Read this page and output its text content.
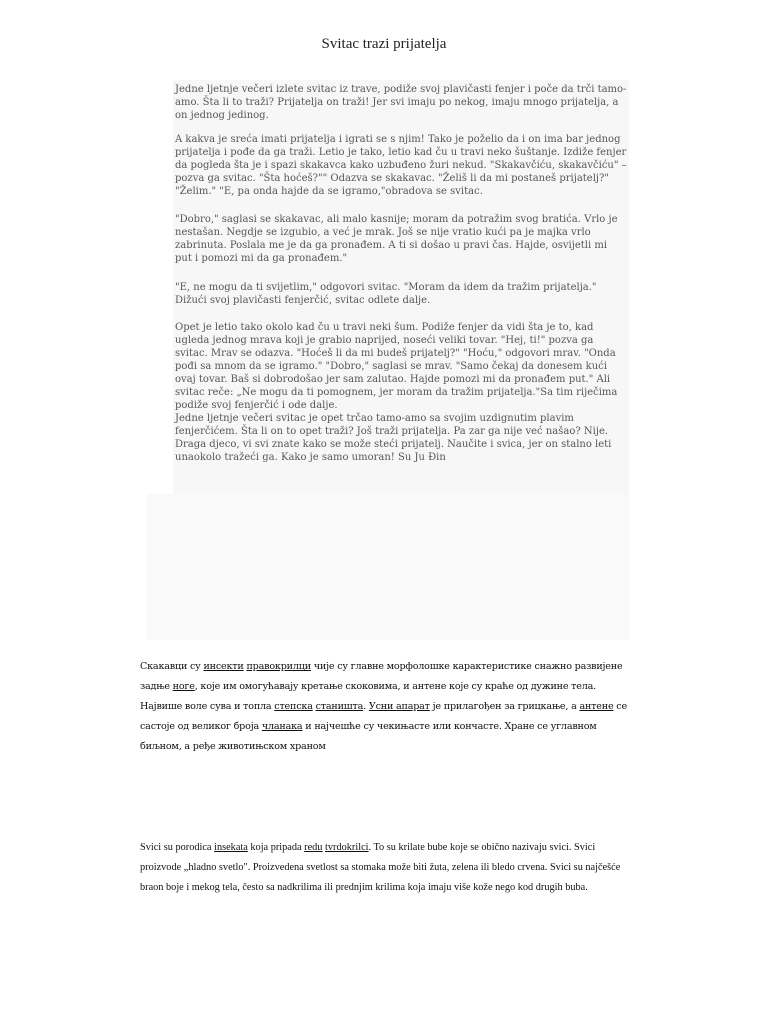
Svitac trazi prijatelja

Jedne ljetnje večeri izlete svitac iz trave, podiže svoj plavičasti fenjer i poče da trči tamo-amo. Šta li to traži? Prijatelja on traži! Jer svi imaju po nekog, imaju mnogo prijatelja, a on jednog jedinog.

A kakva je sreća imati prijatelja i igrati se s njim! Tako je poželio da i on ima bar jednog prijatelja i pođe da ga traži. Letio je tako, letio kad ču u travi neko šuštanje. Izdiže fenjer da pogleda šta je i spazi skakavca kako uzbuđeno žuri nekud. "Skakavčiću, skakavčiću" – pozva ga svitac. "Šta hoćeš?"" Odazva se skakavac. "Želiš li da mi postaneš prijatelj?" "Želim." "E, pa onda hajde da se igramo,"obradova se svitac.

"Dobro," saglasi se skakavac, ali malo kasnije; moram da potražim svog bratića. Vrlo je nestašan. Negdje se izgubio, a već je mrak. Još se nije vratio kući pa je majka vrlo zabrinuta. Poslala me je da ga pronađem. A ti si došao u pravi čas. Hajde, osvijetli mi put i pomozi mi da ga pronađem."

"E, ne mogu da ti svijetlim," odgovori svitac. "Moram da idem da tražim prijatelja." Dižući svoj plavičasti fenjerčić, svitac odlete dalje.

Opet je letio tako okolo kad ču u travi neki šum. Podiže fenjer da vidi šta je to, kad ugleda jednog mrava koji je grabio naprijed, noseći veliki tovar. "Hej, ti!" pozva ga svitac. Mrav se odazva. "Hoćeš li da mi budeš prijatelj?" "Hoću," odgovori mrav. "Onda pođi sa mnom da se igramo." "Dobro," saglasi se mrav. "Samo čekaj da donesem kući ovaj tovar. Baš si dobrodošao jer sam zalutao. Hajde pomozi mi da pronađem put." Ali svitac reče: „Ne mogu da ti pomognem, jer moram da tražim prijatelja."Sa tim riječima podiže svoj fenjerčić i ode dalje.

Jedne ljetnje večeri svitac je opet trčao tamo-amo sa svojim uzdignutim plavim fenjerčićem. Šta li on to opet traži? Još traži prijatelja. Pa zar ga nije već našao? Nije. Draga djeco, vi svi znate kako se može steći prijatelj. Naučite i svica, jer on stalno leti unaokolo tražeći ga. Kako je samo umoran! Su Ju Đin

Скакавци су инсекти правокрилци чије су главне морфолошке карактеристике снажно развијене задње ноге, које им омогућавају кретање скоковима, и антене које су краће од дужине тела. Највише воле сува и топла степска станишта. Усни апарат је прилагођен за грицкање, а антене се састоје од великог броја чланака и најчешће су чекињасте или кончасте. Хране се углавном биљном, а ређе животињском храном
Svici su porodica insekata koja pripada redu tvrdokrilci. To su krilate bube koje se obično nazivaju svici. Svici proizvode „hladno svetlo". Proizvedena svetlost sa stomaka može biti žuta, zelena ili bledo crvena. Svici su najčešće braon boje i mekog tela, često sa nadkrilima ili prednjim krilima koja imaju više kože nego kod drugih buba.
